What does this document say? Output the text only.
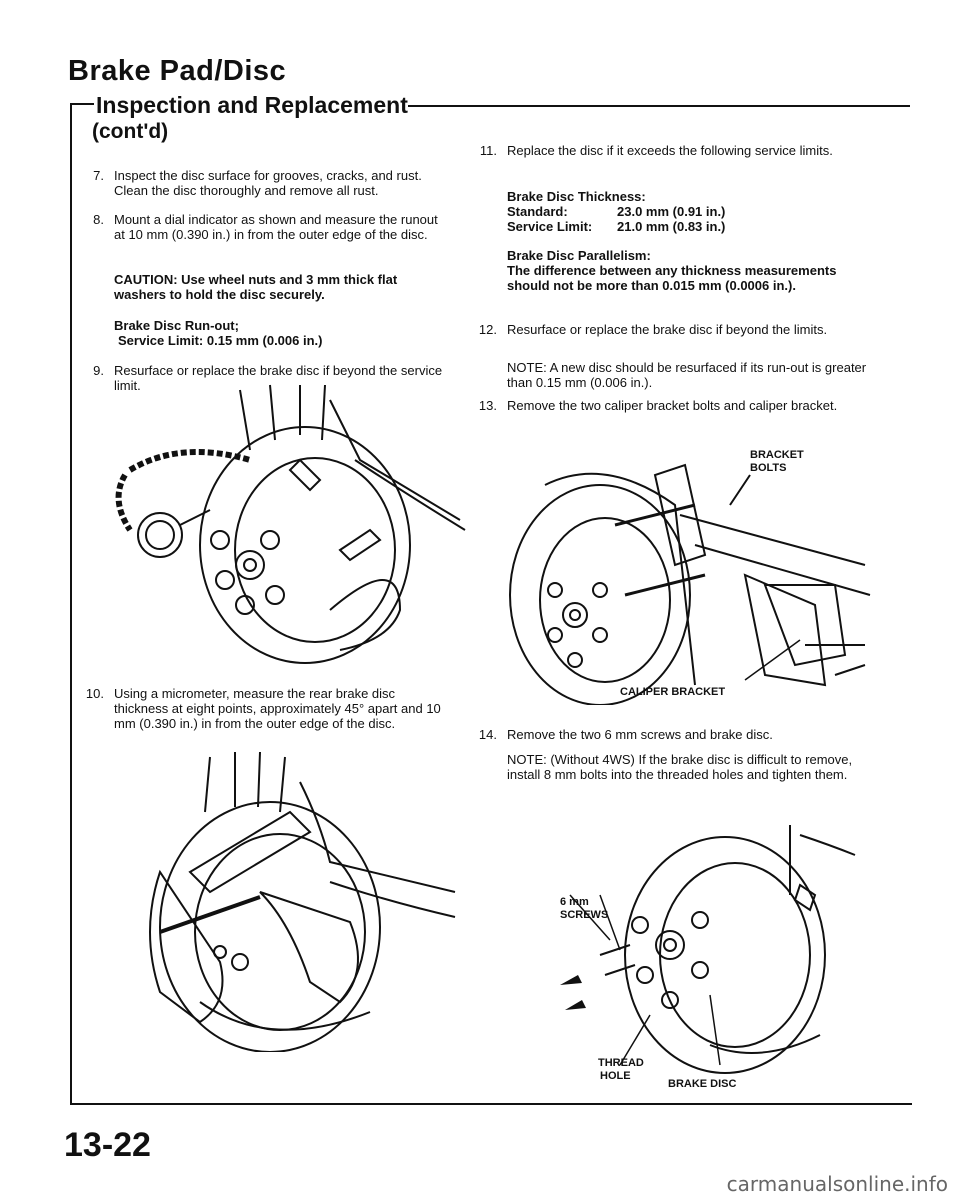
Brake Pad/Disc
Inspection and Replacement
(cont'd)
7. Inspect the disc surface for grooves, cracks, and rust. Clean the disc thoroughly and remove all rust.
8. Mount a dial indicator as shown and measure the runout at 10 mm (0.390 in.) in from the outer edge of the disc.
CAUTION: Use wheel nuts and 3 mm thick flat washers to hold the disc securely.
Brake Disc Run-out;
Service Limit: 0.15 mm (0.006 in.)
9. Resurface or replace the brake disc if beyond the service limit.
10. Using a micrometer, measure the rear brake disc thickness at eight points, approximately 45° apart and 10 mm (0.390 in.) in from the outer edge of the disc.
11. Replace the disc if it exceeds the following service limits.
Brake Disc Thickness:
Standard:	23.0 mm (0.91 in.)
Service Limit:	21.0 mm (0.83 in.)
Brake Disc Parallelism:
The difference between any thickness measurements should not be more than 0.015 mm (0.0006 in.).
12. Resurface or replace the brake disc if beyond the limits.
NOTE: A new disc should be resurfaced if its run-out is greater than 0.15 mm (0.006 in.).
13. Remove the two caliper bracket bolts and caliper bracket.
BRACKET BOLTS
CALIPER BRACKET
14. Remove the two 6 mm screws and brake disc.
NOTE: (Without 4WS) If the brake disc is difficult to remove, install 8 mm bolts into the threaded holes and tighten them.
6 mm
SCREWS
THREAD
HOLE
BRAKE DISC
13-22
carmanualsonline.info
